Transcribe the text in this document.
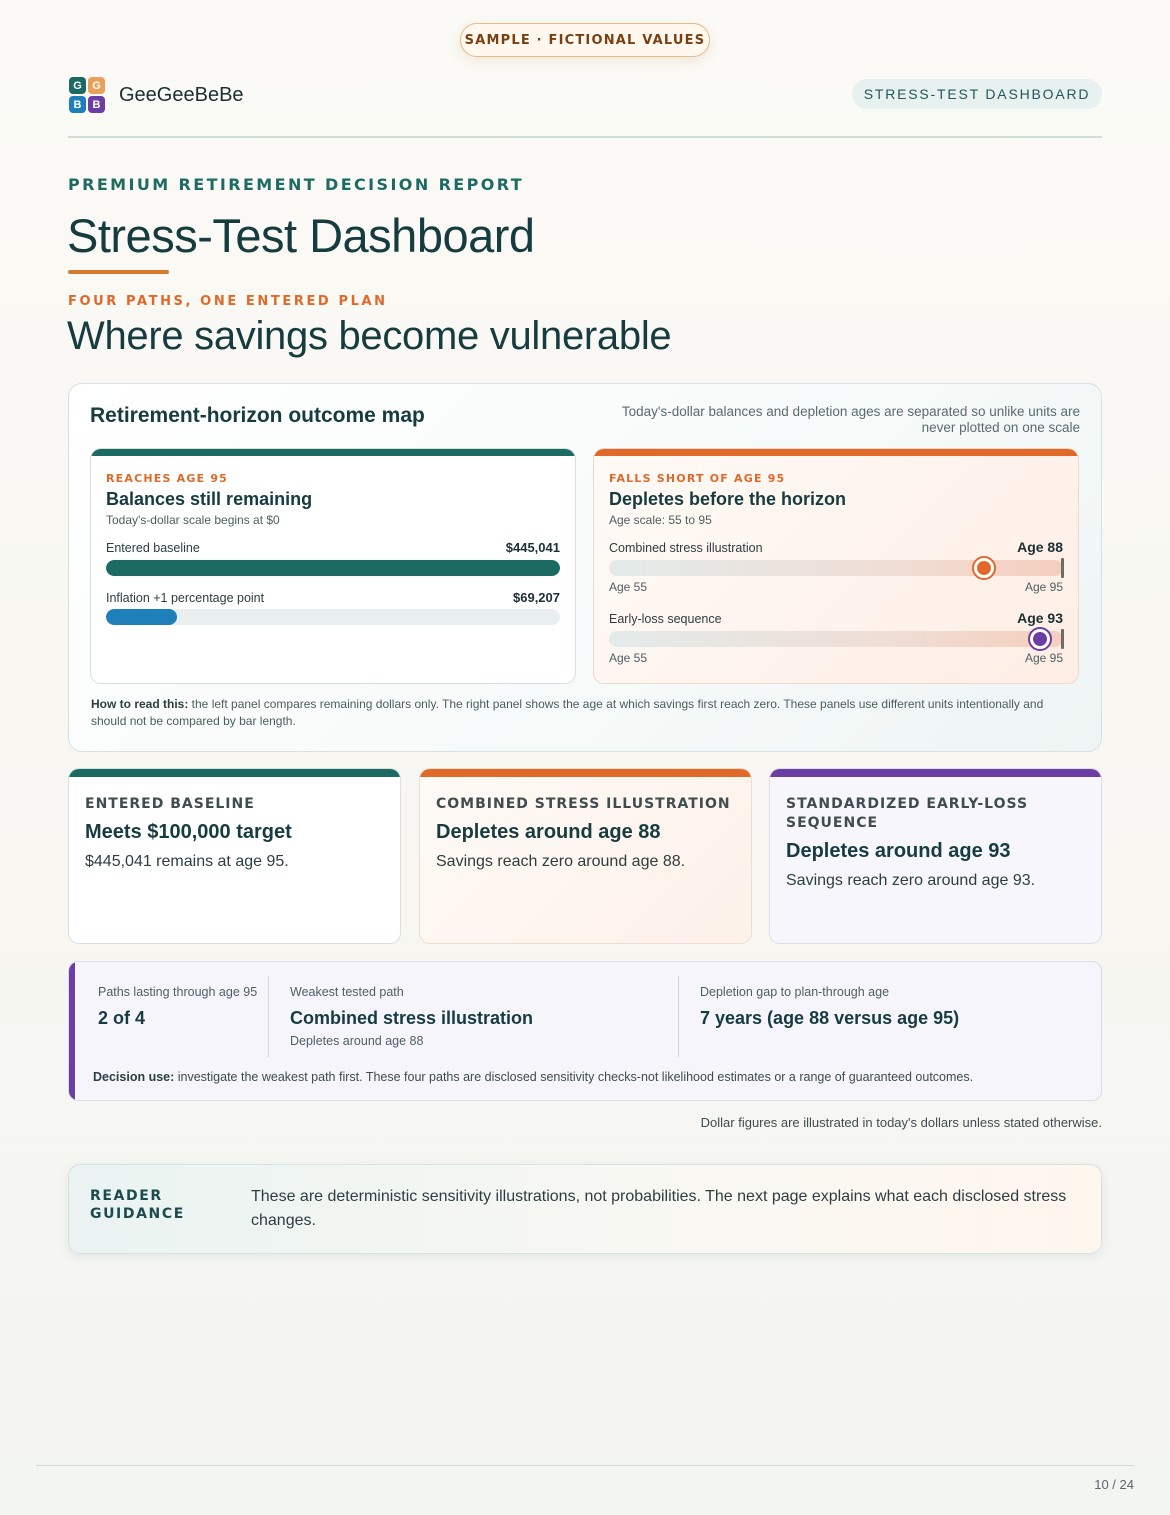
SAMPLE · FICTIONAL VALUES
G G
B	B GeeGeeBeBe	STRESS-TEST DASHBOARD
PREMIUM RETIREMENT DECISION REPORT
Stress-Test Dashboard
FOUR PATHS, ONE ENTERED PLAN
Where savings become vulnerable
Retirement-horizon outcome map	Today's-dollar balances and depletion ages are separated so unlike units are never plotted on one scale
REACHES AGE 95
Balances still remaining
Today's-dollar scale begins at $0
Entered baseline	$445,041
Inflation +1 percentage point	$69,207
FALLS SHORT OF AGE 95
Depletes before the horizon
Age scale: 55 to 95
Combined stress illustration	Age 88
Age 55	Age 95
Early-loss sequence	Age 93
Age 55	Age 95
How to read this: the left panel compares remaining dollars only. The right panel shows the age at which savings first reach zero. These panels use different units intentionally and should not be compared by bar length.
ENTERED BASELINE
Meets $100,000 target
$445,041 remains at age 95.
COMBINED STRESS ILLUSTRATION
Depletes around age 88
Savings reach zero around age 88.
STANDARDIZED EARLY-LOSS SEQUENCE
Depletes around age 93
Savings reach zero around age 93.
Paths lasting through age 95
2 of 4
Weakest tested path
Combined stress illustration
Depletes around age 88
Depletion gap to plan-through age
7 years (age 88 versus age 95)
Decision use: investigate the weakest path first. These four paths are disclosed sensitivity checks-not likelihood estimates or a range of guaranteed outcomes.
Dollar figures are illustrated in today's dollars unless stated otherwise.
READER GUIDANCE
These are deterministic sensitivity illustrations, not probabilities. The next page explains what each disclosed stress changes.
10 / 24
